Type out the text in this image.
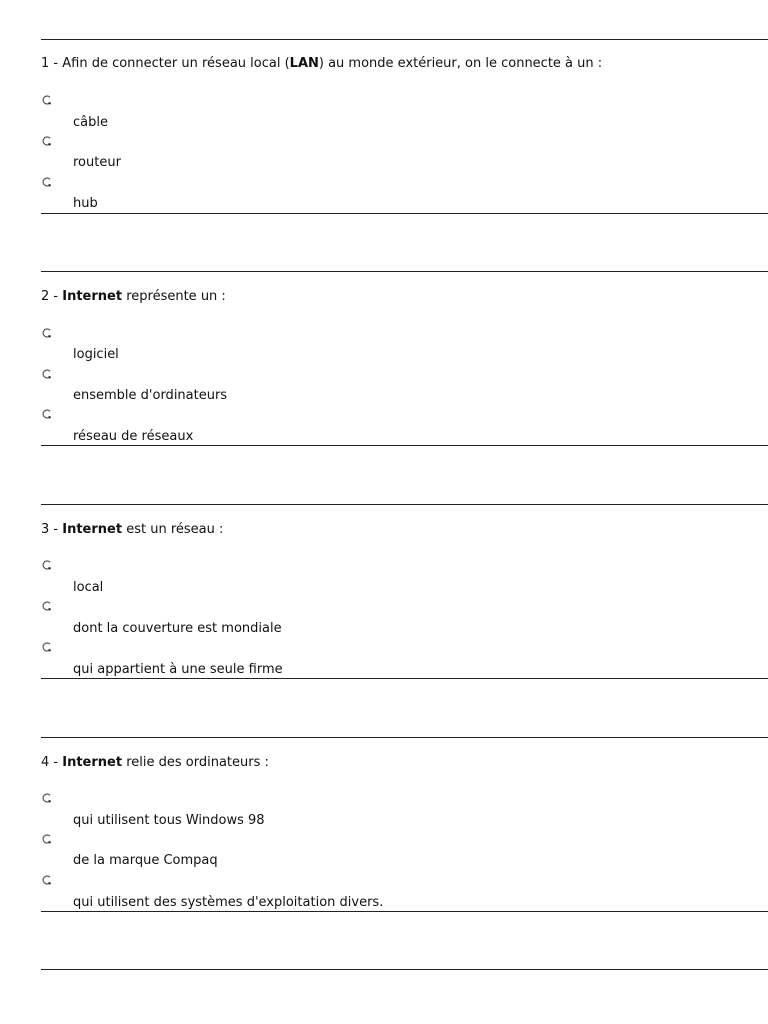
1 - Afin de connecter un réseau local (LAN) au monde extérieur, on le connecte à un :
câble
routeur
hub
2 - Internet représente un :
logiciel
ensemble d'ordinateurs
réseau de réseaux
3 - Internet est un réseau :
local
dont la couverture est mondiale
qui appartient à une seule firme
4 - Internet relie des ordinateurs :
qui utilisent tous Windows 98
de la marque Compaq
qui utilisent des systèmes d'exploitation divers.
